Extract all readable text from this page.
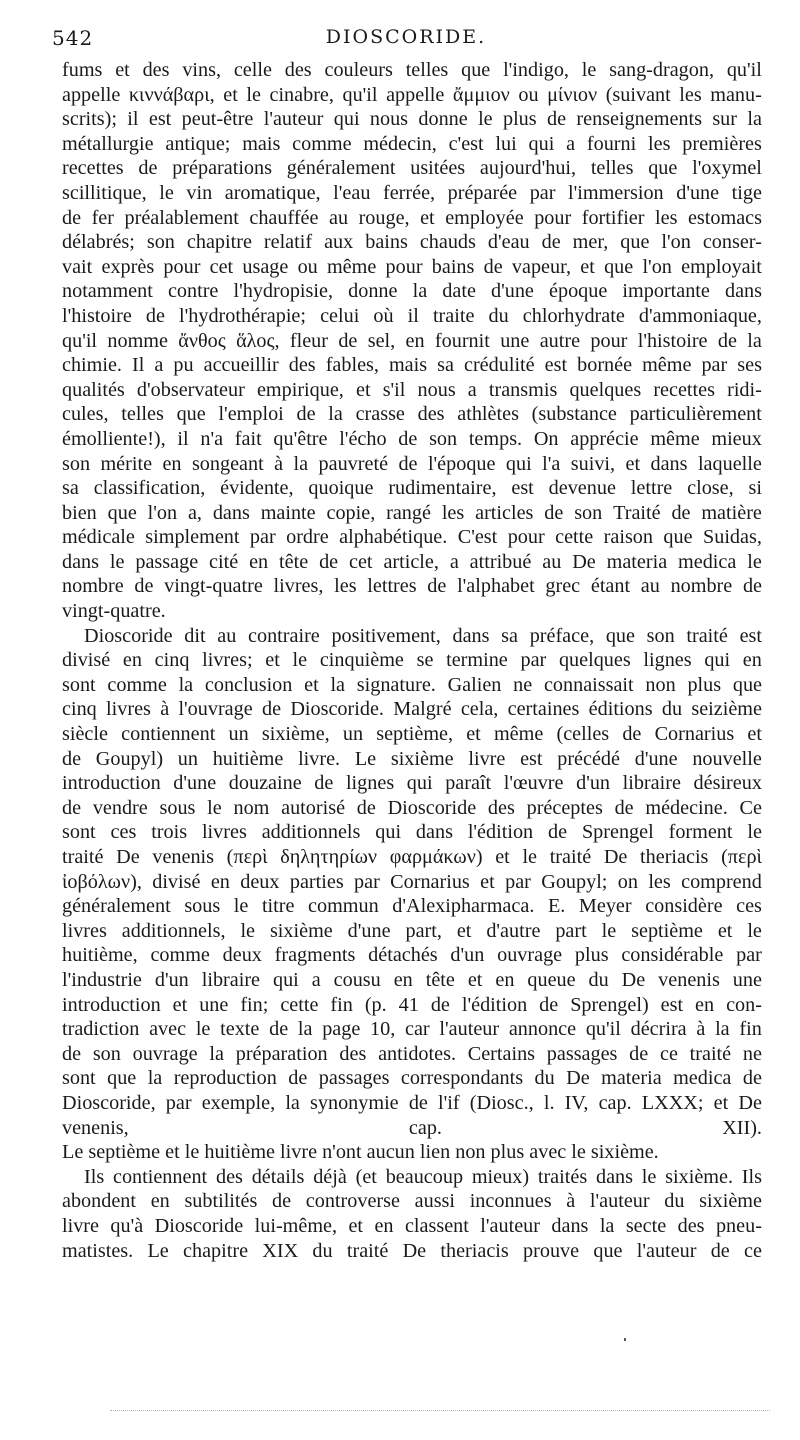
542	DIOSCORIDE.
fums et des vins, celle des couleurs telles que l'indigo, le sang-dragon, qu'il
appelle κιννάβαρι, et le cinabre, qu'il appelle ἄμμιον ou μίνιον (suivant les manu-
scrits); il est peut-être l'auteur qui nous donne le plus de renseignements sur la
métallurgie antique; mais comme médecin, c'est lui qui a fourni les premières
recettes de préparations généralement usitées aujourd'hui, telles que l'oxymel
scillitique, le vin aromatique, l'eau ferrée, préparée par l'immersion d'une tige
de fer préalablement chauffée au rouge, et employée pour fortifier les estomacs
délabrés; son chapitre relatif aux bains chauds d'eau de mer, que l'on conser-
vait exprès pour cet usage ou même pour bains de vapeur, et que l'on employait
notamment contre l'hydropisie, donne la date d'une époque importante dans
l'histoire de l'hydrothérapie; celui où il traite du chlorhydrate d'ammoniaque,
qu'il nomme ἄνθος ἅλος, fleur de sel, en fournit une autre pour l'histoire de la
chimie. Il a pu accueillir des fables, mais sa crédulité est bornée même par ses
qualités d'observateur empirique, et s'il nous a transmis quelques recettes ridi-
cules, telles que l'emploi de la crasse des athlètes (substance particulièrement
émolliente!), il n'a fait qu'être l'écho de son temps. On apprécie même mieux
son mérite en songeant à la pauvreté de l'époque qui l'a suivi, et dans laquelle
sa classification, évidente, quoique rudimentaire, est devenue lettre close, si
bien que l'on a, dans mainte copie, rangé les articles de son Traité de matière
médicale simplement par ordre alphabétique. C'est pour cette raison que Suidas,
dans le passage cité en tête de cet article, a attribué au De materia medica le
nombre de vingt-quatre livres, les lettres de l'alphabet grec étant au nombre de
vingt-quatre.
Dioscoride dit au contraire positivement, dans sa préface, que son traité est
divisé en cinq livres; et le cinquième se termine par quelques lignes qui en
sont comme la conclusion et la signature. Galien ne connaissait non plus que
cinq livres à l'ouvrage de Dioscoride. Malgré cela, certaines éditions du seizième
siècle contiennent un sixième, un septième, et même (celles de Cornarius et
de Goupyl) un huitième livre. Le sixième livre est précédé d'une nouvelle
introduction d'une douzaine de lignes qui paraît l'œuvre d'un libraire désireux
de vendre sous le nom autorisé de Dioscoride des préceptes de médecine. Ce
sont ces trois livres additionnels qui dans l'édition de Sprengel forment le
traité De venenis (περὶ δηλητηρίων φαρμάκων) et le traité De theriacis (περὶ
ἰοβόλων), divisé en deux parties par Cornarius et par Goupyl; on les comprend
généralement sous le titre commun d'Alexipharmaca. E. Meyer considère ces
livres additionnels, le sixième d'une part, et d'autre part le septième et le
huitième, comme deux fragments détachés d'un ouvrage plus considérable par
l'industrie d'un libraire qui a cousu en tête et en queue du De venenis une
introduction et une fin; cette fin (p. 41 de l'édition de Sprengel) est en con-
tradiction avec le texte de la page 10, car l'auteur annonce qu'il décrira à la fin
de son ouvrage la préparation des antidotes. Certains passages de ce traité ne
sont que la reproduction de passages correspondants du De materia medica de
Dioscoride, par exemple, la synonymie de l'if (Diosc., l. IV, cap. LXXX; et De
venenis,	cap.	XII).
Le septième et le huitième livre n'ont aucun lien non plus avec le sixième.
Ils contiennent des détails déjà (et beaucoup mieux) traités dans le sixième. Ils
abondent en subtilités de controverse aussi inconnues à l'auteur du sixième
livre qu'à Dioscoride lui-même, et en classent l'auteur dans la secte des pneu-
matistes. Le chapitre XIX du traité De theriacis prouve que l'auteur de ce
